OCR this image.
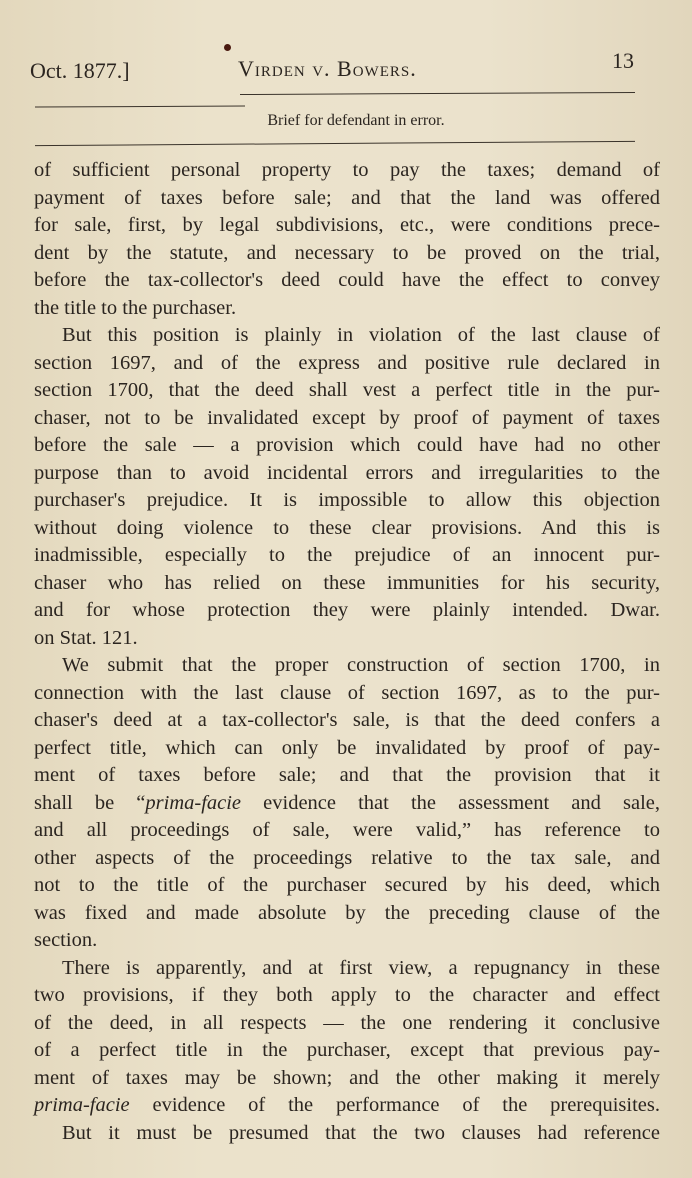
Oct. 1877.]	Virden v. Bowers.	13
Brief for defendant in error.
of sufficient personal property to pay the taxes; demand of
payment of taxes before sale; and that the land was offered
for sale, first, by legal subdivisions, etc., were conditions prece-
dent by the statute, and necessary to be proved on the trial,
before the tax-collector's deed could have the effect to convey
the title to the purchaser.
But this position is plainly in violation of the last clause of
section 1697, and of the express and positive rule declared in
section 1700, that the deed shall vest a perfect title in the pur-
chaser, not to be invalidated except by proof of payment of taxes
before the sale — a provision which could have had no other
purpose than to avoid incidental errors and irregularities to the
purchaser's prejudice. It is impossible to allow this objection
without doing violence to these clear provisions. And this is
inadmissible, especially to the prejudice of an innocent pur-
chaser who has relied on these immunities for his security,
and for whose protection they were plainly intended. Dwar.
on Stat. 121.
We submit that the proper construction of section 1700, in
connection with the last clause of section 1697, as to the pur-
chaser's deed at a tax-collector's sale, is that the deed confers a
perfect title, which can only be invalidated by proof of pay-
ment of taxes before sale; and that the provision that it
shall be “prima-facie evidence that the assessment and sale,
and all proceedings of sale, were valid,” has reference to
other aspects of the proceedings relative to the tax sale, and
not to the title of the purchaser secured by his deed, which
was fixed and made absolute by the preceding clause of the
section.
There is apparently, and at first view, a repugnancy in these
two provisions, if they both apply to the character and effect
of the deed, in all respects — the one rendering it conclusive
of a perfect title in the purchaser, except that previous pay-
ment of taxes may be shown; and the other making it merely
prima-facie evidence of the performance of the prerequisites.
But it must be presumed that the two clauses had reference
